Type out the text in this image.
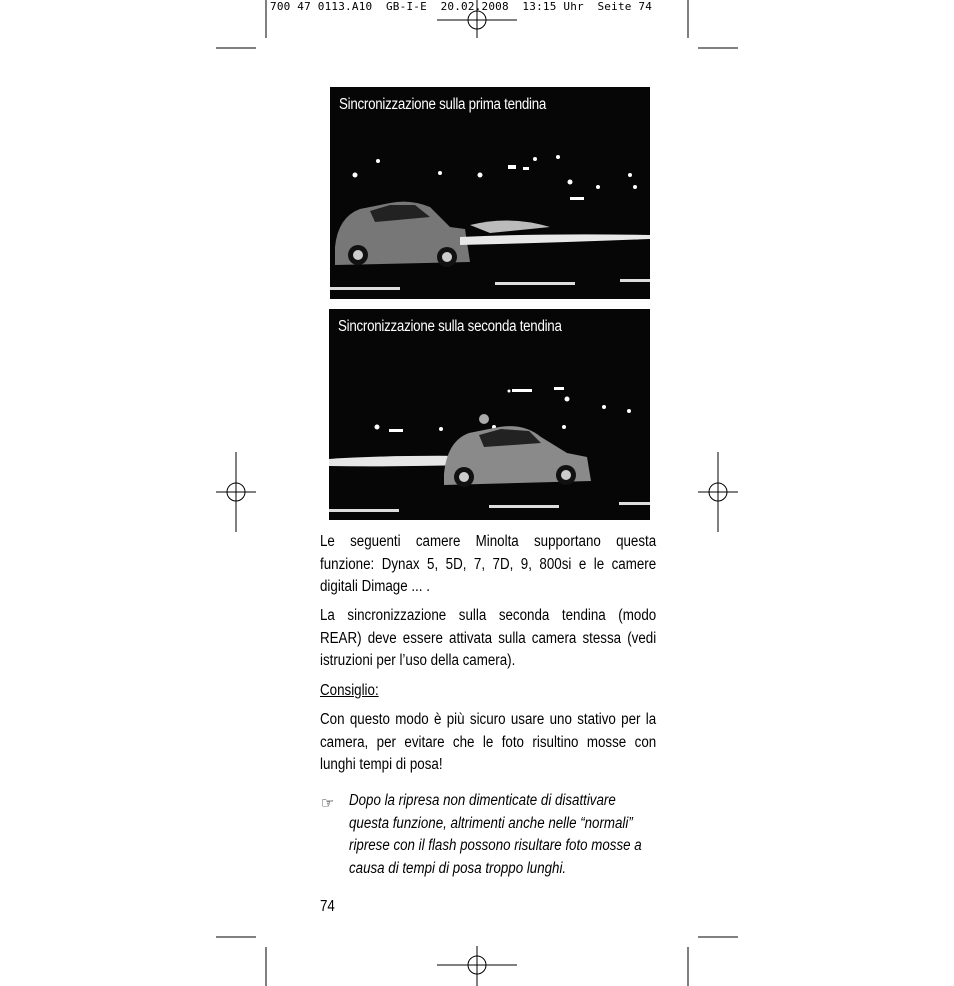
700 47 0113.A10  GB-I-E  20.02.2008  13:15 Uhr  Seite 74
Sincronizzazione sulla prima tendina
Sincronizzazione sulla seconda tendina
Le seguenti camere Minolta supportano questa funzione: Dynax 5, 5D, 7, 7D, 9, 800si e le camere digitali Dimage ... .
La sincronizzazione sulla seconda tendina (modo REAR) deve essere attivata sulla camera stessa (vedi istruzioni per l’uso della camera).
Consiglio:
Con questo modo è più sicuro usare uno stativo per la camera, per evitare che le foto risultino mosse con lunghi tempi di posa!
☞ Dopo la ripresa non dimenticate di disattivare questa funzione, altrimenti anche nelle “normali” riprese con il flash possono risultare foto mosse a causa di tempi di posa troppo lunghi.
74
